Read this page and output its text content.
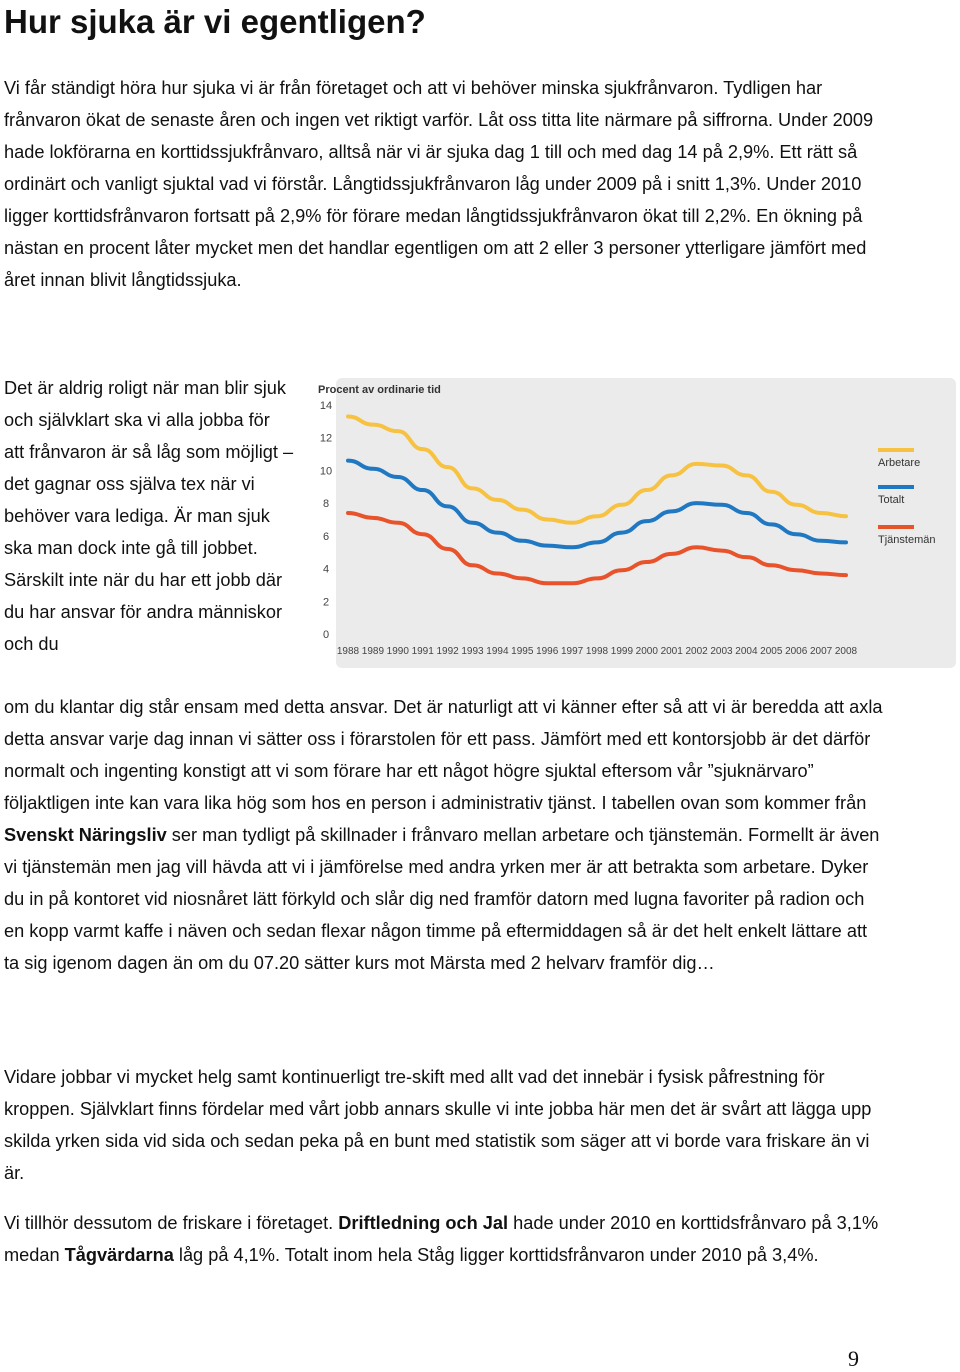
Hur sjuka är vi egentligen?

Vi får ständigt höra hur sjuka vi är från företaget och att vi behöver minska sjukfrånvaron. Tydligen har frånvaron ökat de senaste åren och ingen vet riktigt varför. Låt oss titta lite närmare på siffrorna. Under 2009 hade lokförarna en korttidssjukfrånvaro, alltså när vi är sjuka dag 1 till och med dag 14 på 2,9%. Ett rätt så ordinärt och vanligt sjuktal vad vi förstår. Långtidssjukfrånvaron låg under 2009 på i snitt 1,3%. Under 2010 ligger korttidsfrånvaron fortsatt på 2,9% för förare medan långtidssjukfrånvaron ökat till 2,2%. En ökning på nästan en procent låter mycket men det handlar egentligen om att 2 eller 3 personer ytterligare jämfört med året innan blivit långtidssjuka.

Det är aldrig roligt när man blir sjuk och självklart ska vi alla jobba för att frånvaron är så låg som möjligt – det gagnar oss själva tex när vi behöver vara lediga. Är man sjuk ska man dock inte gå till jobbet. Särskilt inte när du har ett jobb där du har ansvar för andra människor och du

Procent av ordinarie tid
0
2
4
6
8
10
12
14
1988 1989 1990 1991 1992 1993 1994 1995 1996 1997 1998 1999 2000 2001 2002 2003 2004 2005 2006 2007 2008
Arbetare
Totalt
Tjänstemän

om du klantar dig står ensam med detta ansvar. Det är naturligt att vi känner efter så att vi är beredda att axla detta ansvar varje dag innan vi sätter oss i förarstolen för ett pass. Jämfört med ett kontorsjobb är det därför normalt och ingenting konstigt att vi som förare har ett något högre sjuktal eftersom vår ”sjuknärvaro” följaktligen inte kan vara lika hög som hos en person i administrativ tjänst. I tabellen ovan som kommer från Svenskt Näringsliv ser man tydligt på skillnader i frånvaro mellan arbetare och tjänstemän. Formellt är även vi tjänstemän men jag vill hävda att vi i jämförelse med andra yrken mer är att betrakta som arbetare. Dyker du in på kontoret vid niosnåret lätt förkyld och slår dig ned framför datorn med lugna favoriter på radion och en kopp varmt kaffe i näven och sedan flexar någon timme på eftermiddagen så är det helt enkelt lättare att ta sig igenom dagen än om du 07.20 sätter kurs mot Märsta med 2 helvarv framför dig…

Vidare jobbar vi mycket helg samt kontinuerligt tre-skift med allt vad det innebär i fysisk påfrestning för kroppen. Självklart finns fördelar med vårt jobb annars skulle vi inte jobba här men det är svårt att lägga upp skilda yrken sida vid sida och sedan peka på en bunt med statistik som säger att vi borde vara friskare än vi är.

Vi tillhör dessutom de friskare i företaget. Driftledning och Jal hade under 2010 en korttidsfrånvaro på 3,1% medan Tågvärdarna låg på 4,1%. Totalt inom hela Ståg ligger korttidsfrånvaron under 2010 på 3,4%.

9
